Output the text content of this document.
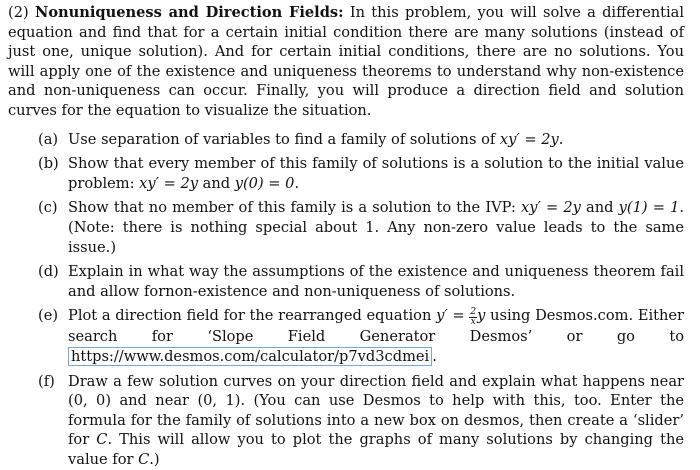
(2) Nonuniqueness and Direction Fields: In this problem, you will solve a differential equation and find that for a certain initial condition there are many solutions (instead of just one, unique solution). And for certain initial conditions, there are no solutions. You will apply one of the existence and uniqueness theorems to understand why non-existence and non-uniqueness can occur. Finally, you will produce a direction field and solution curves for the equation to visualize the situation.
(a) Use separation of variables to find a family of solutions of xy′ = 2y.
(b) Show that every member of this family of solutions is a solution to the initial value problem: xy′ = 2y and y(0) = 0.
(c) Show that no member of this family is a solution to the IVP: xy′ = 2y and y(1) = 1. (Note: there is nothing special about 1. Any non-zero value leads to the same issue.)
(d) Explain in what way the assumptions of the existence and uniqueness theorem fail and allow fornon-existence and non-uniqueness of solutions.
(e) Plot a direction field for the rearranged equation $y' = \frac{2}{x}$ y using Desmos.com. Either search for ‘Slope Field Generator Desmos’ or go to https://www.desmos.com/calculator/p7vd3cdmei .
(f) Draw a few solution curves on your direction field and explain what happens near (0, 0) and near (0, 1). (You can use Desmos to help with this, too. Enter the formula for the family of solutions into a new box on desmos, then create a ‘slider’ for C. This will allow you to plot the graphs of many solutions by changing the value for C.)
